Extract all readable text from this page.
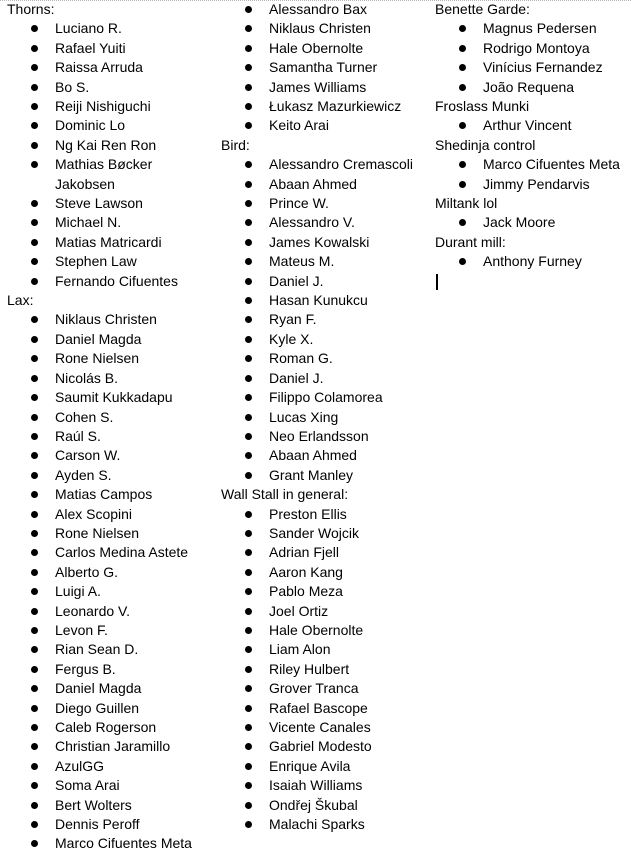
Thorns:
Luciano R.
Rafael Yuiti
Raissa Arruda
Bo S.
Reiji Nishiguchi
Dominic Lo
Ng Kai Ren Ron
Mathias Bøcker Jakobsen
Steve Lawson
Michael N.
Matias Matricardi
Stephen Law
Fernando Cifuentes
Lax:
Niklaus Christen
Daniel Magda
Rone Nielsen
Nicolás B.
Saumit Kukkadapu
Cohen S.
Raúl S.
Carson W.
Ayden S.
Matias Campos
Alex Scopini
Rone Nielsen
Carlos Medina Astete
Alberto G.
Luigi A.
Leonardo V.
Levon F.
Rian Sean D.
Fergus B.
Daniel Magda
Diego Guillen
Caleb Rogerson
Christian Jaramillo
AzulGG
Soma Arai
Bert Wolters
Dennis Peroff
Marco Cifuentes Meta
Alessandro Bax
Niklaus Christen
Hale Obernolte
Samantha Turner
James Williams
Łukasz Mazurkiewicz
Keito Arai
Bird:
Alessandro Cremascoli
Abaan Ahmed
Prince W.
Alessandro V.
James Kowalski
Mateus M.
Daniel J.
Hasan Kunukcu
Ryan F.
Kyle X.
Roman G.
Daniel J.
Filippo Colamorea
Lucas Xing
Neo Erlandsson
Abaan Ahmed
Grant Manley
Wall Stall in general:
Preston Ellis
Sander Wojcik
Adrian Fjell
Aaron Kang
Pablo Meza
Joel Ortiz
Hale Obernolte
Liam Alon
Riley Hulbert
Grover Tranca
Rafael Bascope
Vicente Canales
Gabriel Modesto
Enrique Avila
Isaiah Williams
Ondřej Škubal
Malachi Sparks
Benette Garde:
Magnus Pedersen
Rodrigo Montoya
Vinícius Fernandez
João Requena
Froslass Munki
Arthur Vincent
Shedinja control
Marco Cifuentes Meta
Jimmy Pendarvis
Miltank lol
Jack Moore
Durant mill:
Anthony Furney
